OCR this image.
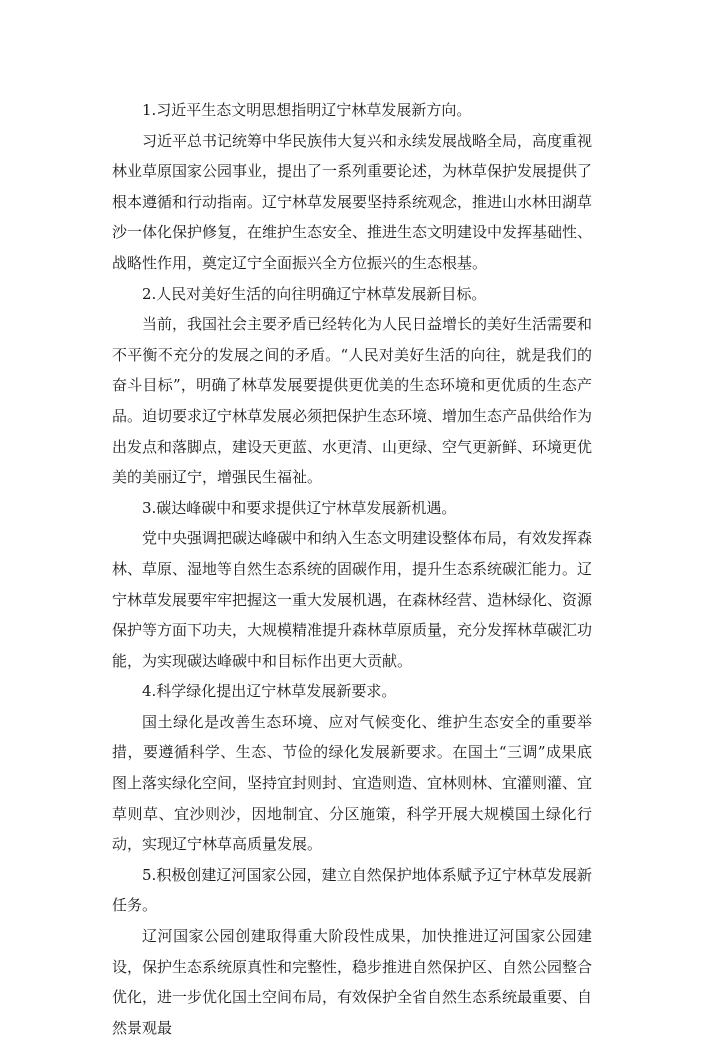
1.习近平生态文明思想指明辽宁林草发展新方向。

习近平总书记统筹中华民族伟大复兴和永续发展战略全局，高度重视林业草原国家公园事业，提出了一系列重要论述，为林草保护发展提供了根本遵循和行动指南。辽宁林草发展要坚持系统观念，推进山水林田湖草沙一体化保护修复，在维护生态安全、推进生态文明建设中发挥基础性、战略性作用，奠定辽宁全面振兴全方位振兴的生态根基。

2.人民对美好生活的向往明确辽宁林草发展新目标。

当前，我国社会主要矛盾已经转化为人民日益增长的美好生活需要和不平衡不充分的发展之间的矛盾。“人民对美好生活的向往，就是我们的奋斗目标”，明确了林草发展要提供更优美的生态环境和更优质的生态产品。迫切要求辽宁林草发展必须把保护生态环境、增加生态产品供给作为出发点和落脚点，建设天更蓝、水更清、山更绿、空气更新鲜、环境更优美的美丽辽宁，增强民生福祉。

3.碳达峰碳中和要求提供辽宁林草发展新机遇。

党中央强调把碳达峰碳中和纳入生态文明建设整体布局，有效发挥森林、草原、湿地等自然生态系统的固碳作用，提升生态系统碳汇能力。辽宁林草发展要牢牢把握这一重大发展机遇，在森林经营、造林绿化、资源保护等方面下功夫，大规模精准提升森林草原质量，充分发挥林草碳汇功能，为实现碳达峰碳中和目标作出更大贡献。

4.科学绿化提出辽宁林草发展新要求。

国土绿化是改善生态环境、应对气候变化、维护生态安全的重要举措，要遵循科学、生态、节俭的绿化发展新要求。在国土“三调”成果底图上落实绿化空间，坚持宜封则封、宜造则造、宜林则林、宜灌则灌、宜草则草、宜沙则沙，因地制宜、分区施策，科学开展大规模国土绿化行动，实现辽宁林草高质量发展。

5.积极创建辽河国家公园，建立自然保护地体系赋予辽宁林草发展新任务。

辽河国家公园创建取得重大阶段性成果，加快推进辽河国家公园建设，保护生态系统原真性和完整性，稳步推进自然保护区、自然公园整合优化，进一步优化国土空间布局，有效保护全省自然生态系统最重要、自然景观最
